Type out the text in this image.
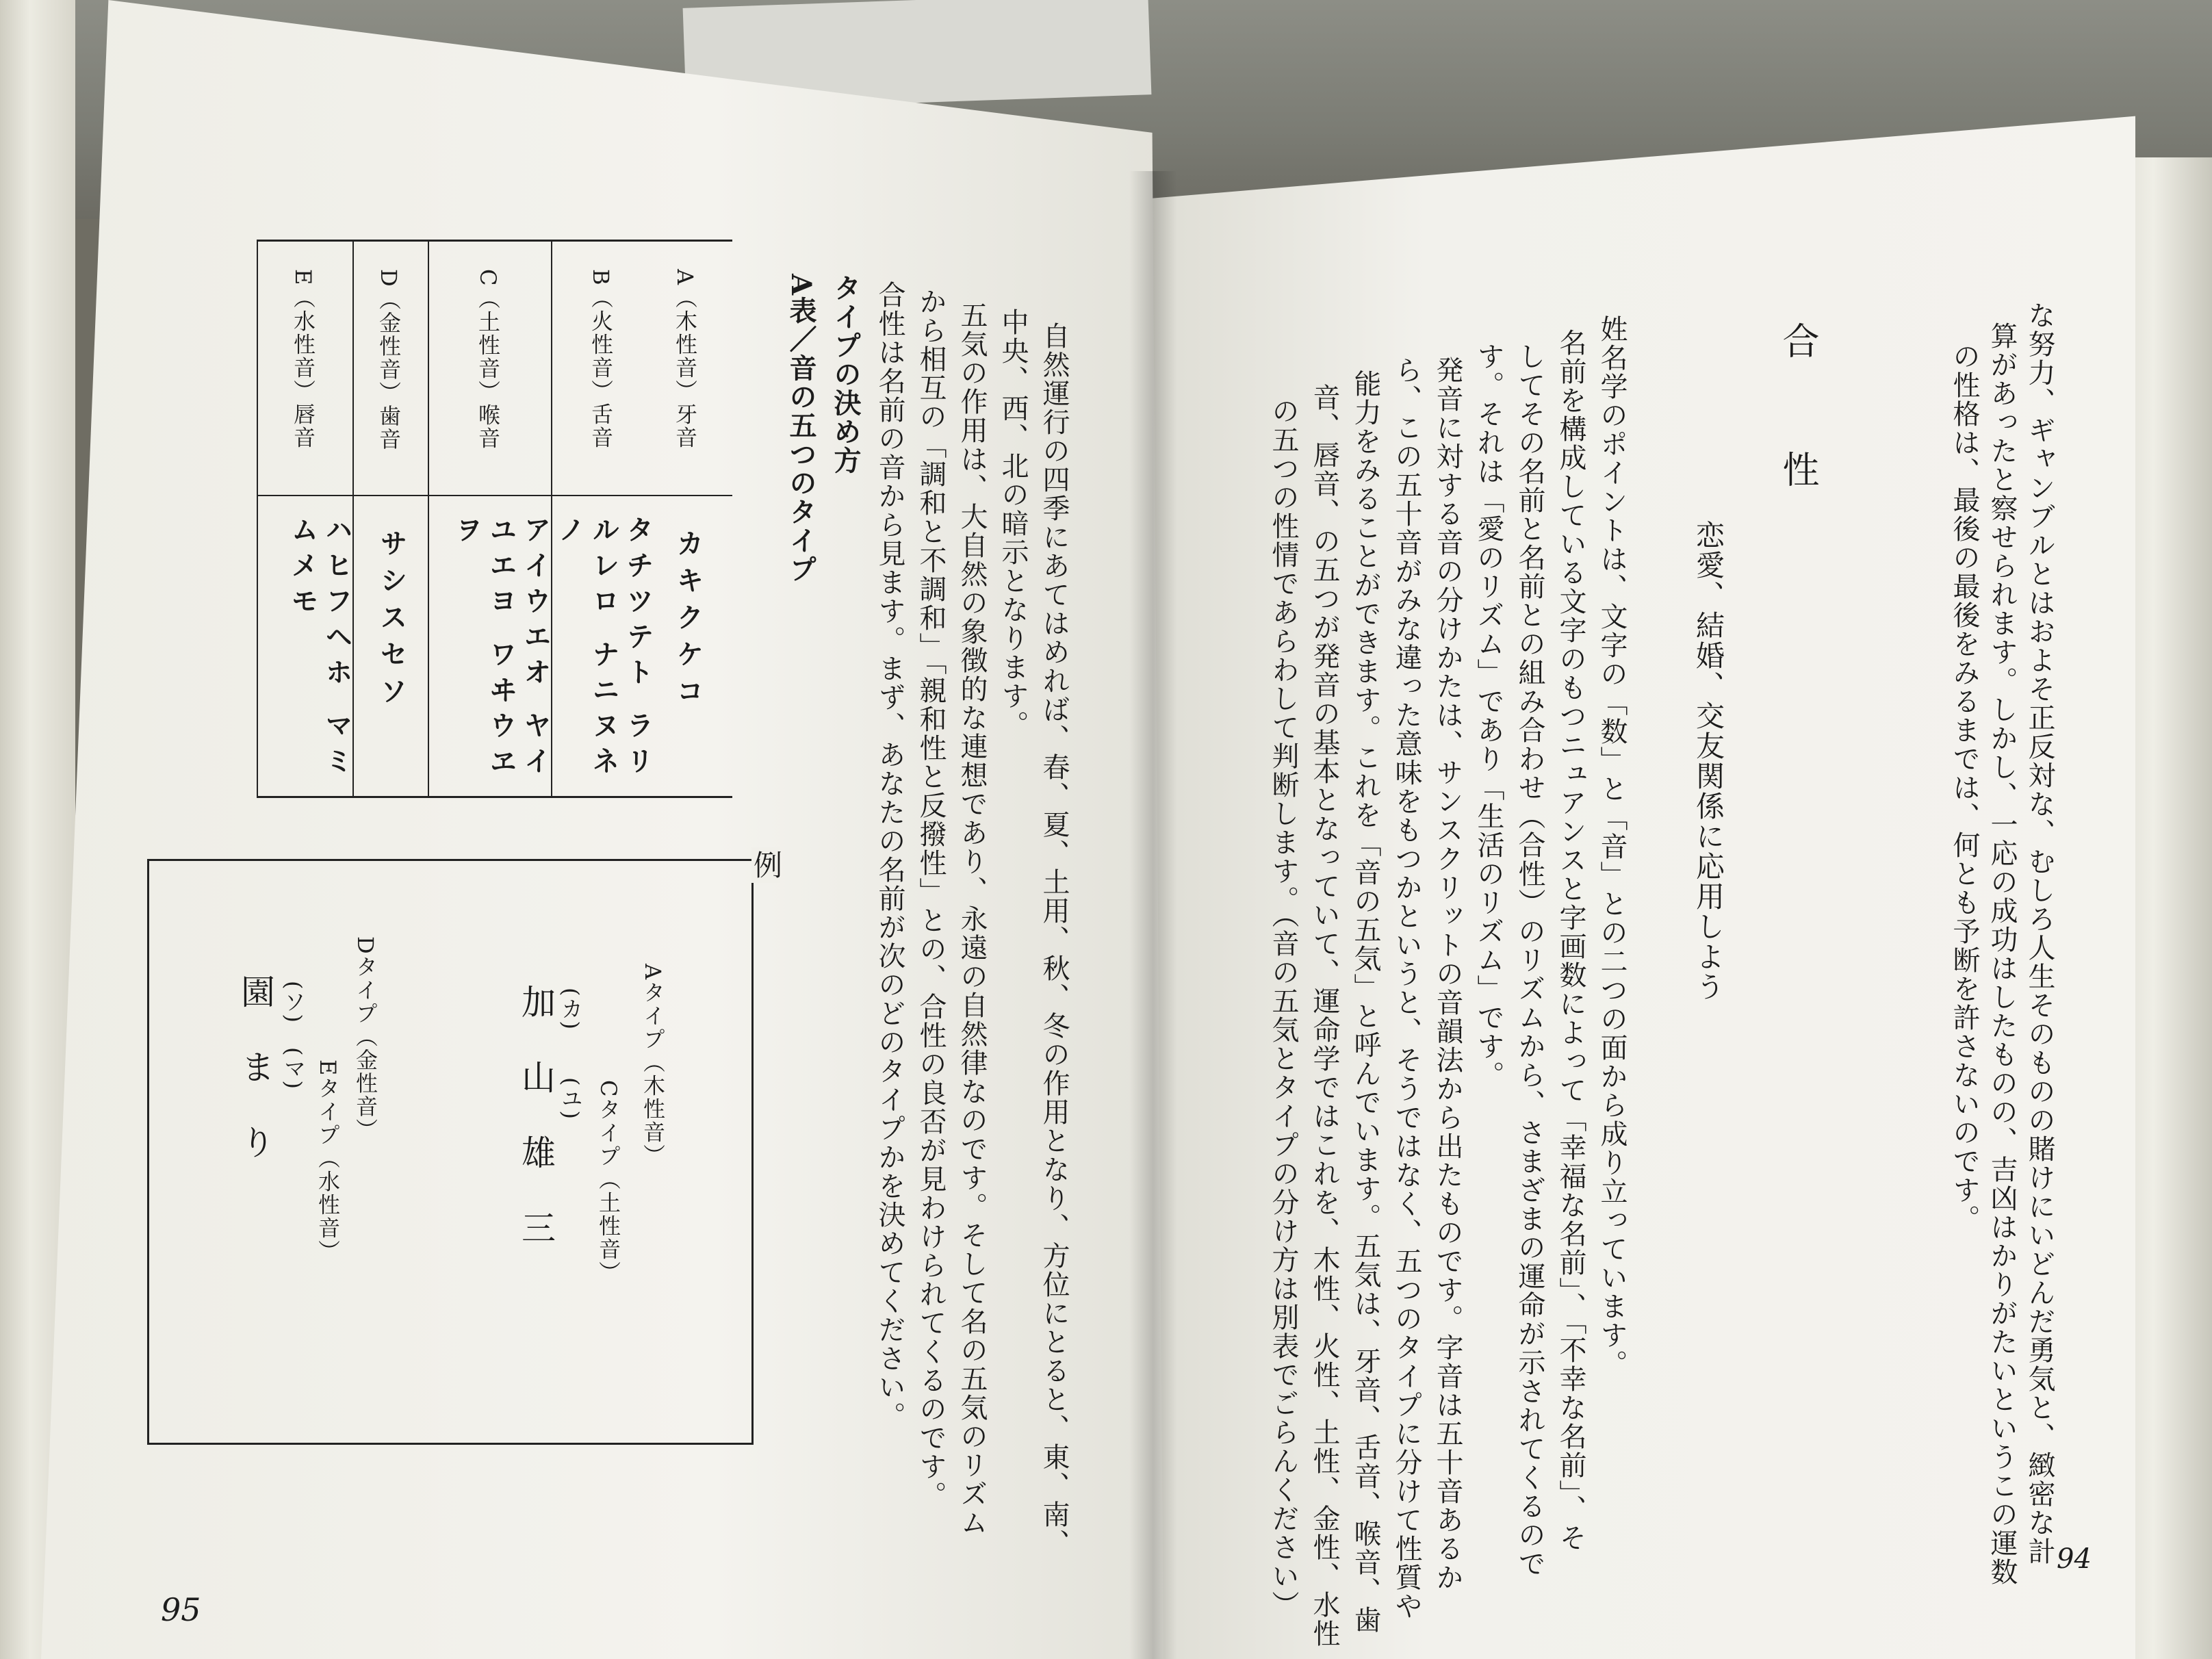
な努力、ギャンブルとはおよそ正反対な、むしろ人生そのものの賭けにいどんだ勇気と、緻密な計
算があったと察せられます。しかし、一応の成功はしたものの、吉凶はかりがたいというこの運数
の性格は、最後の最後をみるまでは、何とも予断を許さないのです。
合　性
恋愛、結婚、交友関係に応用しよう
姓名学のポイントは、文字の「数」と「音」との二つの面から成り立っています。
名前を構成している文字のもつニュアンスと字画数によって「幸福な名前」、「不幸な名前」、そ
してその名前と名前との組み合わせ（合性）のリズムから、さまざまの運命が示されてくるので
す。それは「愛のリズム」であり「生活のリズム」です。
発音に対する音の分けかたは、サンスクリットの音韻法から出たものです。字音は五十音あるか
ら、この五十音がみな違った意味をもつかというと、そうではなく、五つのタイプに分けて性質や
能力をみることができます。これを「音の五気」と呼んでいます。五気は、牙音、舌音、喉音、歯
音、唇音、の五つが発音の基本となっていて、運命学ではこれを、木性、火性、土性、金性、水性
の五つの性情であらわして判断します。（音の五気とタイプの分け方は別表でごらんください）	94
自然運行の四季にあてはめれば、春、夏、土用、秋、冬の作用となり、方位にとると、東、南、
中央、西、北の暗示となります。
五気の作用は、大自然の象徴的な連想であり、永遠の自然律なのです。そして名の五気のリズム
から相互の「調和と不調和」「親和性と反撥性」との、合性の良否が見わけられてくるのです。
合性は名前の音から見ます。まず、あなたの名前が次のどのタイプかを決めてください。
タイプの決め方
A表／音の五つのタイプ
A（木性音）牙音
カキクケコ
B（火性音）舌音
タチツテト ラリルレロ ナニヌネノ
C（土性音）喉音
アイウエオ ヤイユエヨ ワヰウヱヲ
D（金性音）歯音
サシスセソ
E（水性音）唇音
ハヒフヘホ マミムメモ
例
Aタイプ（木性音）
Cタイプ（土性音）
(カ)　　(ユ)
加山雄三
Dタイプ（金性音）
Eタイプ（水性音）
(ソ)　(マ)
園まり
95
